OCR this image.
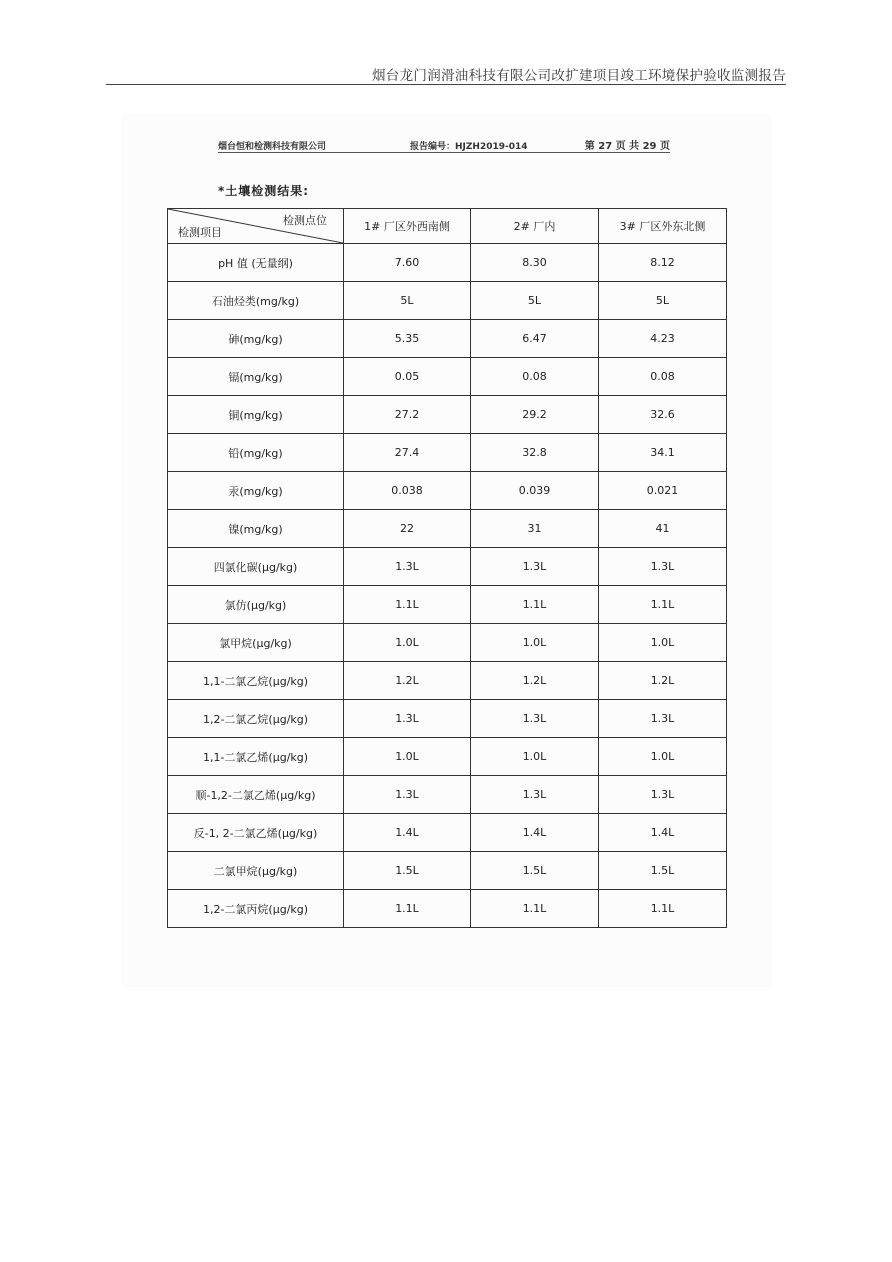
烟台龙门润滑油科技有限公司改扩建项目竣工环境保护验收监测报告
烟台恒和检测科技有限公司	报告编号：HJZH2019-014	第 27 页 共 29 页
*土壤检测结果:
检测点位
检测项目	1# 厂区外西南侧	2# 厂内	3# 厂区外东北侧
pH 值 (无量纲)	7.60	8.30	8.12
石油烃类(mg/kg)	5L	5L	5L
砷(mg/kg)	5.35	6.47	4.23
镉(mg/kg)	0.05	0.08	0.08
铜(mg/kg)	27.2	29.2	32.6
铅(mg/kg)	27.4	32.8	34.1
汞(mg/kg)	0.038	0.039	0.021
镍(mg/kg)	22	31	41
四氯化碳(μg/kg)	1.3L	1.3L	1.3L
氯仿(μg/kg)	1.1L	1.1L	1.1L
氯甲烷(μg/kg)	1.0L	1.0L	1.0L
1,1-二氯乙烷(μg/kg)	1.2L	1.2L	1.2L
1,2-二氯乙烷(μg/kg)	1.3L	1.3L	1.3L
1,1-二氯乙烯(μg/kg)	1.0L	1.0L	1.0L
顺-1,2-二氯乙烯(μg/kg)	1.3L	1.3L	1.3L
反-1, 2-二氯乙烯(μg/kg)	1.4L	1.4L	1.4L
二氯甲烷(μg/kg)	1.5L	1.5L	1.5L
1,2-二氯丙烷(μg/kg)	1.1L	1.1L	1.1L
